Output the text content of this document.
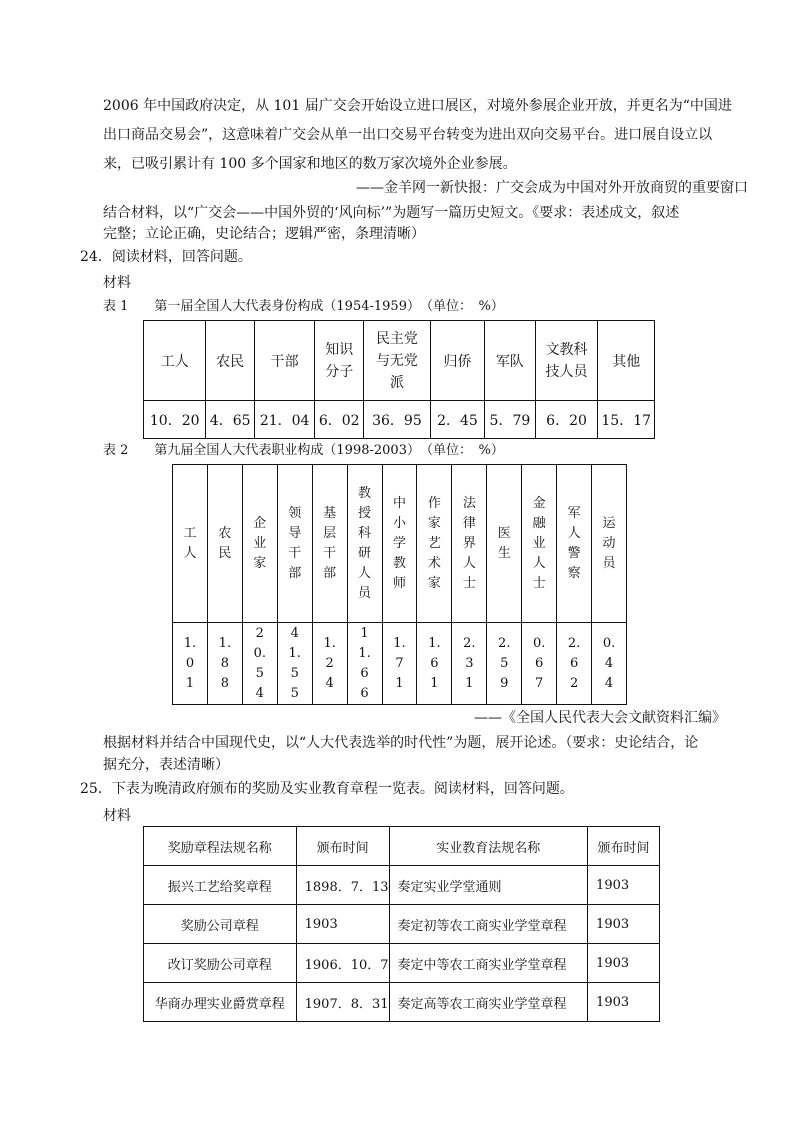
2006 年中国政府决定，从 101 届广交会开始设立进口展区，对境外参展企业开放，并更名为“中国进
出口商品交易会”，这意味着广交会从单一出口交易平台转变为进出双向交易平台。进口展自设立以
来，已吸引累计有 100 多个国家和地区的数万家次境外企业参展。
——金羊网一新快报：广交会成为中国对外开放商贸的重要窗口
结合材料，以“广交会——中国外贸的‘风向标’”为题写一篇历史短文。《要求：表述成文，叙述
完整；立论正确，史论结合；逻辑严密，条理清晰）
24．阅读材料，回答问题。
材料
表 1　　第一届全国人大代表身份构成（1954-1959）　（单位：　%）
工人	农民	干部	知识分子	民主党与无党派	归侨	军队	文教科技人员	其他
10．20	4．65	21．04	6．02	36．95	2．45	5．79	6．20	15．17
表 2　　第九届全国人大代表职业构成（1998-2003）　（单位：　%）
工人	农民	企业家	领导干部	基层干部	教授科研人员	中小学教师	作家艺术家	法律界人士	医生	金融业人士	军人警察	运动员
1.01	1.88	20.54	41.55	1.24	11.66	1.71	1.61	2.31	2.59	0.67	2.62	0.44
——《全国人民代表大会文献资料汇编》
根据材料并结合中国现代史，以“人大代表选举的时代性”为题，展开论述。（要求：史论结合，论
据充分，表述清晰）
25．下表为晚清政府颁布的奖励及实业教育章程一览表。阅读材料，回答问题。
材料
奖励章程法规名称	颁布时间	实业教育法规名称	颁布时间
振兴工艺给奖章程	1898．7．13	奏定实业学堂通则	1903
奖励公司章程	1903	奏定初等农工商实业学堂章程	1903
改订奖励公司章程	1906．10．7	奏定中等农工商实业学堂章程	1903
华商办理实业爵赏章程	1907．8．31	奏定高等农工商实业学堂章程	1903
